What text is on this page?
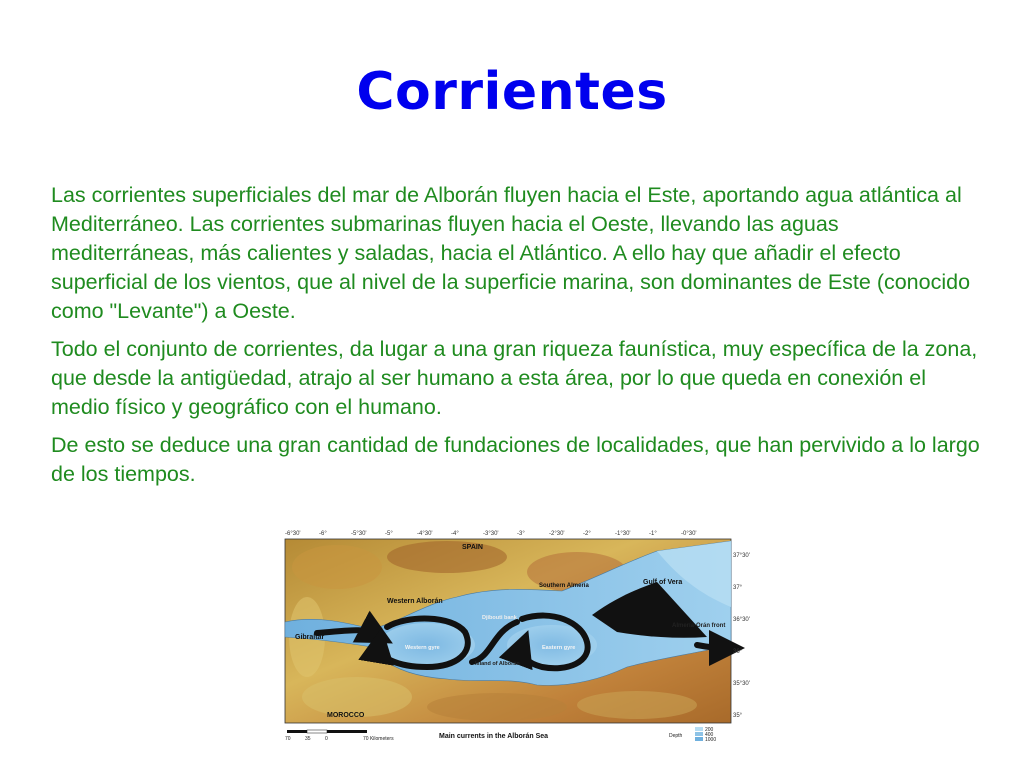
Corrientes

Las corrientes superficiales del mar de Alborán fluyen hacia el Este, aportando agua atlántica al Mediterráneo. Las corrientes submarinas fluyen hacia el Oeste, llevando las aguas mediterráneas, más calientes y saladas, hacia el Atlántico. A ello hay que añadir el efecto superficial de los vientos, que al nivel de la superficie marina, son dominantes de Este (conocido como "Levante") a Oeste.

Todo el conjunto de corrientes, da lugar a una gran riqueza faunística, muy específica de la zona, que desde la antigüedad, atrajo al ser humano a esta área, por lo que queda en conexión el medio físico y geográfico con el humano.

De esto se deduce una gran cantidad de fundaciones de localidades, que han pervivido a lo largo de los tiempos.

-6°30'	-6°	-5°30'	-5°	-4°30'	-4°	-3°30'	-3°	-2°30'	-2°	-1°30'	-1°	-0°30'
37°30'
37°
36°30'
36°
35°30'
35°
SPAIN
Western Alborán
Southern Almería	Gulf of Vera
Gibraltar
Djibouti bank
Almería-Orán front
Western gyre	Eastern gyre
Island of Alborán
MOROCCO
70	35	0	70 Kilometers	Main currents in the Alborán Sea	Depth
200
400
1000
